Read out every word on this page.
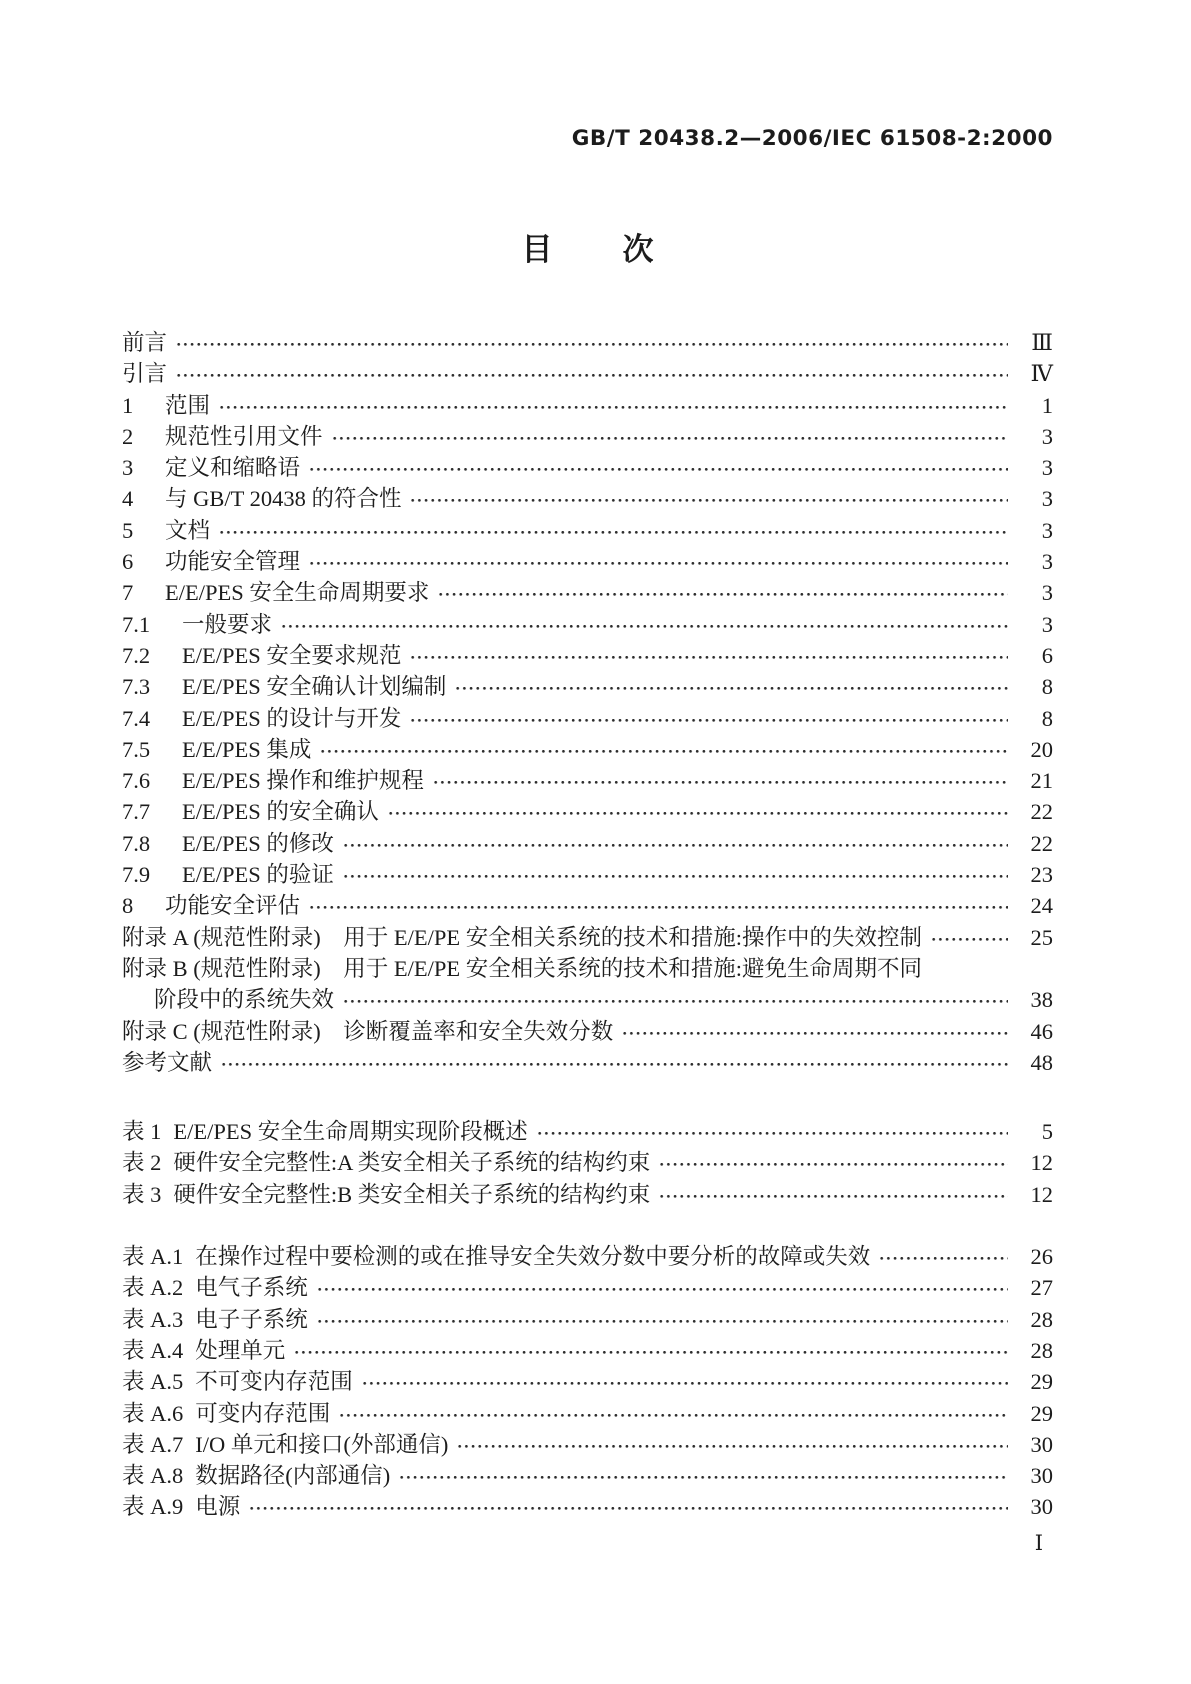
GB/T 20438.2—2006/IEC 61508-2:2000
目次
前言	Ⅲ
引言	Ⅳ
1	范围	1
2	规范性引用文件	3
3	定义和缩略语	3
4	与 GB/T 20438 的符合性	3
5	文档	3
6	功能安全管理	3
7	E/E/PES 安全生命周期要求	3
7.1	一般要求	3
7.2	E/E/PES 安全要求规范	6
7.3	E/E/PES 安全确认计划编制	8
7.4	E/E/PES 的设计与开发	8
7.5	E/E/PES 集成	20
7.6	E/E/PES 操作和维护规程	21
7.7	E/E/PES 的安全确认	22
7.8	E/E/PES 的修改	22
7.9	E/E/PES 的验证	23
8	功能安全评估	24
附录 A (规范性附录)　用于 E/E/PE 安全相关系统的技术和措施:操作中的失效控制	25
附录 B (规范性附录)　用于 E/E/PE 安全相关系统的技术和措施:避免生命周期不同
阶段中的系统失效	38
附录 C (规范性附录)　诊断覆盖率和安全失效分数	46
参考文献	48
表 1 E/E/PES 安全生命周期实现阶段概述	5
表 2 硬件安全完整性:A 类安全相关子系统的结构约束	12
表 3 硬件安全完整性:B 类安全相关子系统的结构约束	12
表 A.1 在操作过程中要检测的或在推导安全失效分数中要分析的故障或失效	26
表 A.2 电气子系统	27
表 A.3 电子子系统	28
表 A.4 处理单元	28
表 A.5 不可变内存范围	29
表 A.6 可变内存范围	29
表 A.7 I/O 单元和接口(外部通信)	30
表 A.8 数据路径(内部通信)	30
表 A.9 电源	30
Ⅰ
